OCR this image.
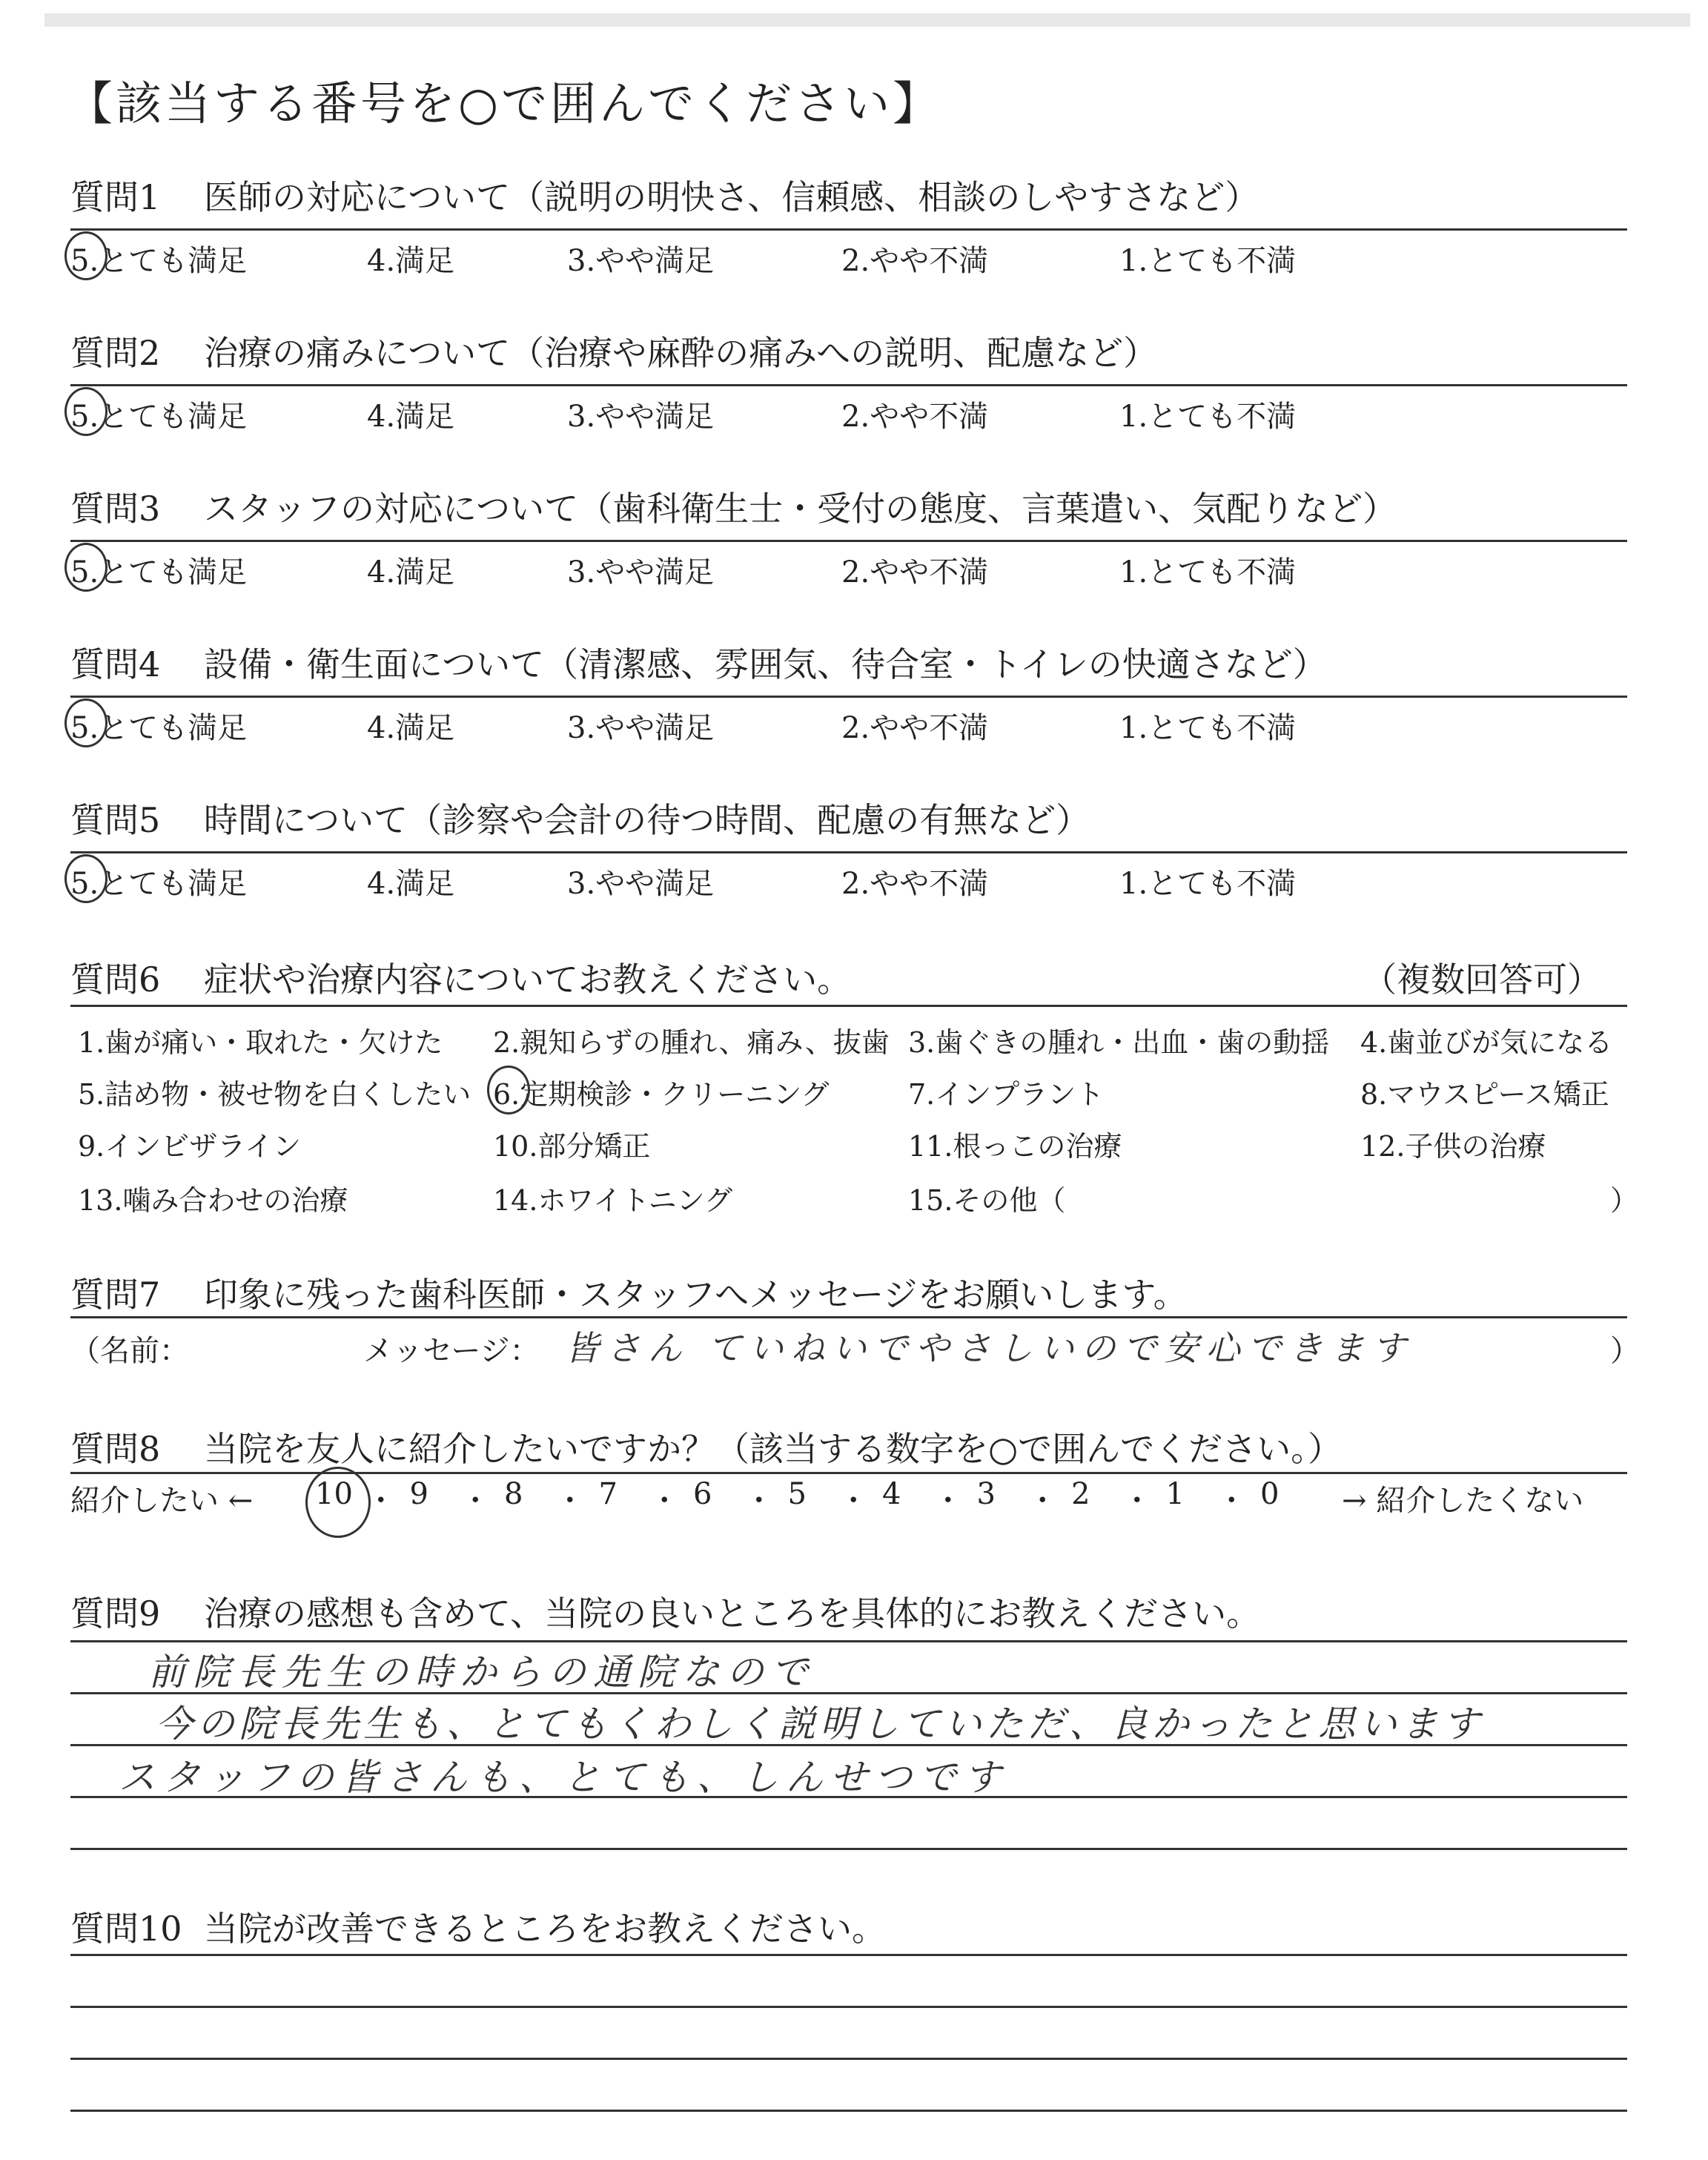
【該当する番号を○で囲んでください】
質問1 医師の対応について（説明の明快さ、信頼感、相談のしやすさなど）
質問2 治療の痛みについて（治療や麻酔の痛みへの説明、配慮など）
質問3 スタッフの対応について（歯科衛生士・受付の態度、言葉遣い、気配りなど）
質問4 設備・衛生面について（清潔感、雰囲気、待合室・トイレの快適さなど）
質問5 時間について（診察や会計の待つ時間、配慮の有無など）
5.とても満足	4.満足	3.やや満足	2.やや不満	1.とても不満
5.とても満足	4.満足	3.やや満足	2.やや不満	1.とても不満
5.とても満足	4.満足	3.やや満足	2.やや不満	1.とても不満
5.とても満足	4.満足	3.やや満足	2.やや不満	1.とても不満
5.とても満足	4.満足	3.やや満足	2.やや不満	1.とても不満
質問6 症状や治療内容についてお教えください。	（複数回答可）
1.歯が痛い・取れた・欠けた 2.親知らずの腫れ、痛み、抜歯 3.歯ぐきの腫れ・出血・歯の動揺 4.歯並びが気になる
5.詰め物・被せ物を白くしたい 6.定期検診・クリーニング	7.インプラント	8.マウスピース矯正
9.インビザライン	10.部分矯正	11.根っこの治療	12.子供の治療
13.噛み合わせの治療	14.ホワイトニング	15.その他（	）
質問7 印象に残った歯科医師・スタッフへメッセージをお願いします。
（名前：	メッセージ： 皆さん ていねいでやさしいので安心できます	）
質問8 当院を友人に紹介したいですか？（該当する数字を○で囲んでください。）
紹介したい ← 10 ・ 9 ・ 8 ・ 7 ・ 6 ・ 5 ・ 4 ・ 3 ・ 2 ・ 1 ・ 0 → 紹介したくない
質問9 治療の感想も含めて、当院の良いところを具体的にお教えください。
前院長先生の時からの通院なので
今の院長先生も、とてもくわしく説明していただ、良かったと思います
スタッフの皆さんも、とても、しんせつです
質問10 当院が改善できるところをお教えください。
